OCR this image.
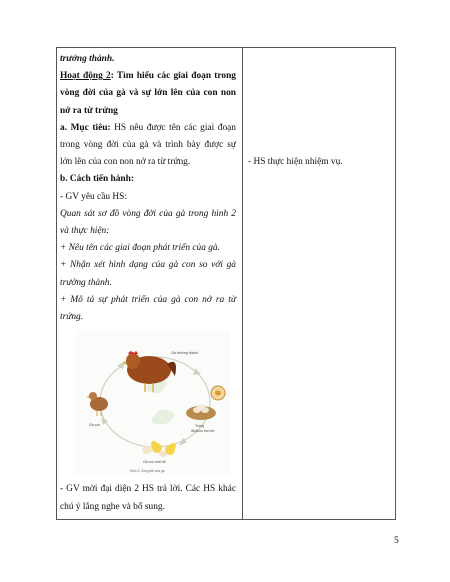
trưởng thành.
Hoạt động 2: Tìm hiểu các giai đoạn trong
vòng đời của gà và sự lớn lên của con non
nở ra từ trứng
a. Mục tiêu: HS nêu được tên các giai đoạn
trong vòng đời của gà và trình bày được sự
lớn lên của con non nở ra từ trứng.
b. Cách tiến hành:
- GV yêu cầu HS:
Quan sát sơ đồ vòng đời của gà trong hình 2
và thực hiện:
+ Nêu tên các giai đoạn phát triển của gà.
+ Nhận xét hình dạng của gà con so với gà
trưởng thành.
+ Mô tả sự phát triển của gà con nở ra từ
trứng.
Gà trưởng thành
Trứng
đã được thụ tinh
Gà con mới nở
Gà con
Hình 2. Vòng đời của gà
- GV mời đại diện 2 HS trả lời. Các HS khác
chú ý lắng nghe và bổ sung.
- HS thực hiện nhiệm vụ.
5
